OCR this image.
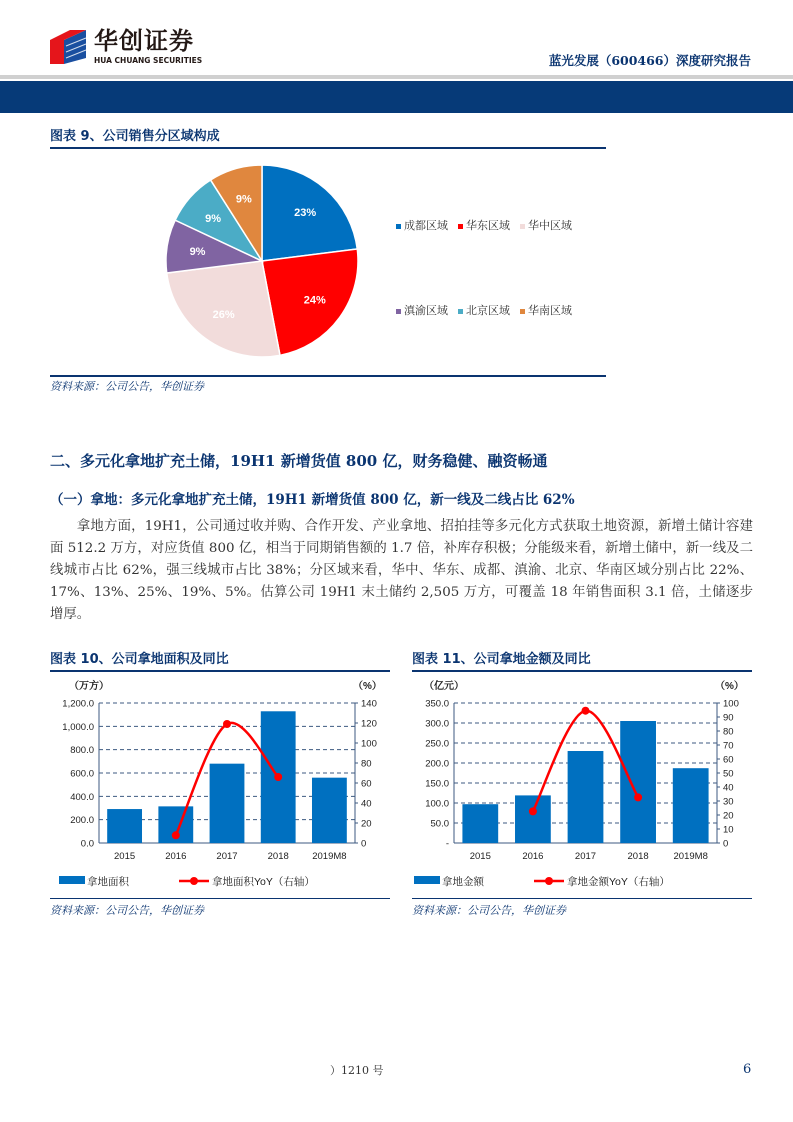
华创证券
HUA CHUANG SECURITIES	蓝光发展（600466）深度研究报告
图表 9、公司销售分区域构成
23%
24%
26%
9%
9%
9%
成都区域	华东区域	华中区域
滇渝区域	北京区域	华南区域
资料来源：公司公告，华创证券
二、多元化拿地扩充土储，19H1 新增货值 800 亿，财务稳健、融资畅通
（一）拿地：多元化拿地扩充土储，19H1 新增货值 800 亿，新一线及二线占比 62%
拿地方面，19H1，公司通过收并购、合作开发、产业拿地、招拍挂等多元化方式获取土地资源，新增土储计容建面 512.2 万方，对应货值 800 亿，相当于同期销售额的 1.7 倍，补库存积极；分能级来看，新增土储中，新一线及二线城市占比 62%，强三线城市占比 38%；分区域来看，华中、华东、成都、滇渝、北京、华南区域分别占比 22%、17%、13%、25%、19%、5%。估算公司 19H1 末土储约 2,505 万方，可覆盖 18 年销售面积 3.1 倍，土储逐步增厚。
图表 10、公司拿地面积及同比
（万方）	（%）
0.0
200.0
400.0
600.0
800.0
1,000.0
1,200.0
0
20
40
60
80
100
120
140
2015	2016	2017	2018 2019M8
拿地面积	拿地面积YoY（右轴）
资料来源：公司公告，华创证券
图表 11、公司拿地金额及同比
（亿元）	（%）
-
50.0
100.0
150.0
200.0
250.0
300.0
350.0
0
10
20
30
40
50
60
70
80
90
100
2015	2016	2017	2018	2019M8
拿地金额	拿地金额YoY（右轴）
资料来源：公司公告，华创证券
）1210 号	6
